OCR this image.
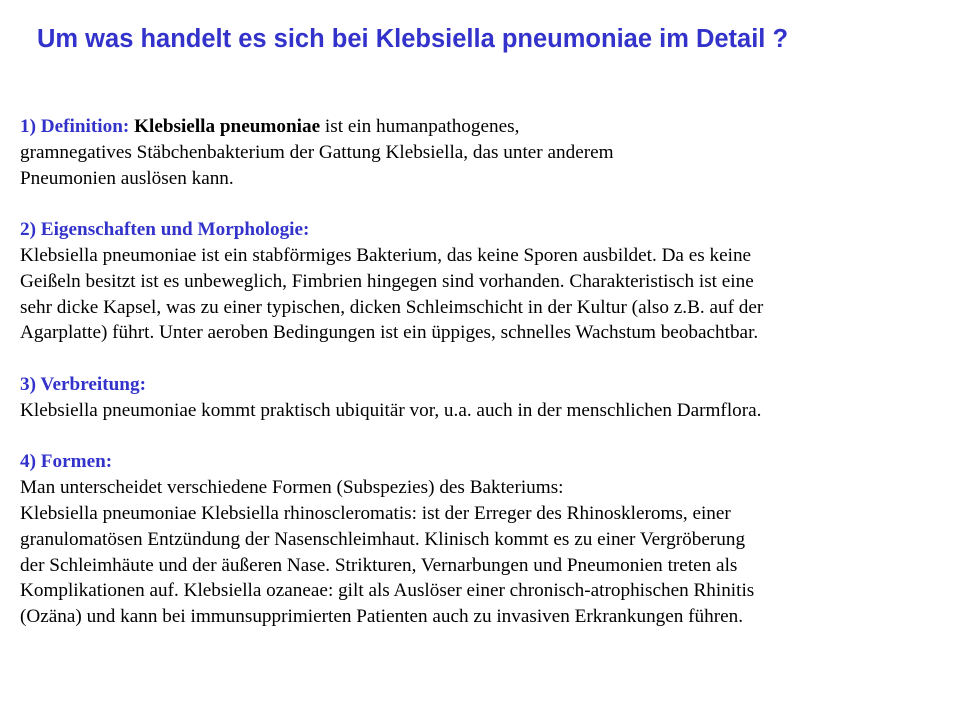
Um was handelt es sich bei Klebsiella pneumoniae im Detail ?
1) Definition: Klebsiella pneumoniae ist ein humanpathogenes,
gramnegatives Stäbchenbakterium der Gattung Klebsiella, das unter anderem
Pneumonien auslösen kann.
2) Eigenschaften und Morphologie:
Klebsiella pneumoniae ist ein stabförmiges Bakterium, das keine Sporen ausbildet. Da es keine
Geißeln besitzt ist es unbeweglich, Fimbrien hingegen sind vorhanden. Charakteristisch ist eine
sehr dicke Kapsel, was zu einer typischen, dicken Schleimschicht in der Kultur (also z.B. auf der
Agarplatte) führt. Unter aeroben Bedingungen ist ein üppiges, schnelles Wachstum beobachtbar.
3) Verbreitung:
Klebsiella pneumoniae kommt praktisch ubiquitär vor, u.a. auch in der menschlichen Darmflora.
4) Formen:
Man unterscheidet verschiedene Formen (Subspezies) des Bakteriums:
Klebsiella pneumoniae Klebsiella rhinoscleromatis: ist der Erreger des Rhinoskleroms, einer
granulomatösen Entzündung der Nasenschleimhaut. Klinisch kommt es zu einer Vergröberung
der Schleimhäute und der äußeren Nase. Strikturen, Vernarbungen und Pneumonien treten als
Komplikationen auf. Klebsiella ozaneae: gilt als Auslöser einer chronisch-atrophischen Rhinitis
(Ozäna) und kann bei immunsupprimierten Patienten auch zu invasiven Erkrankungen führen.
